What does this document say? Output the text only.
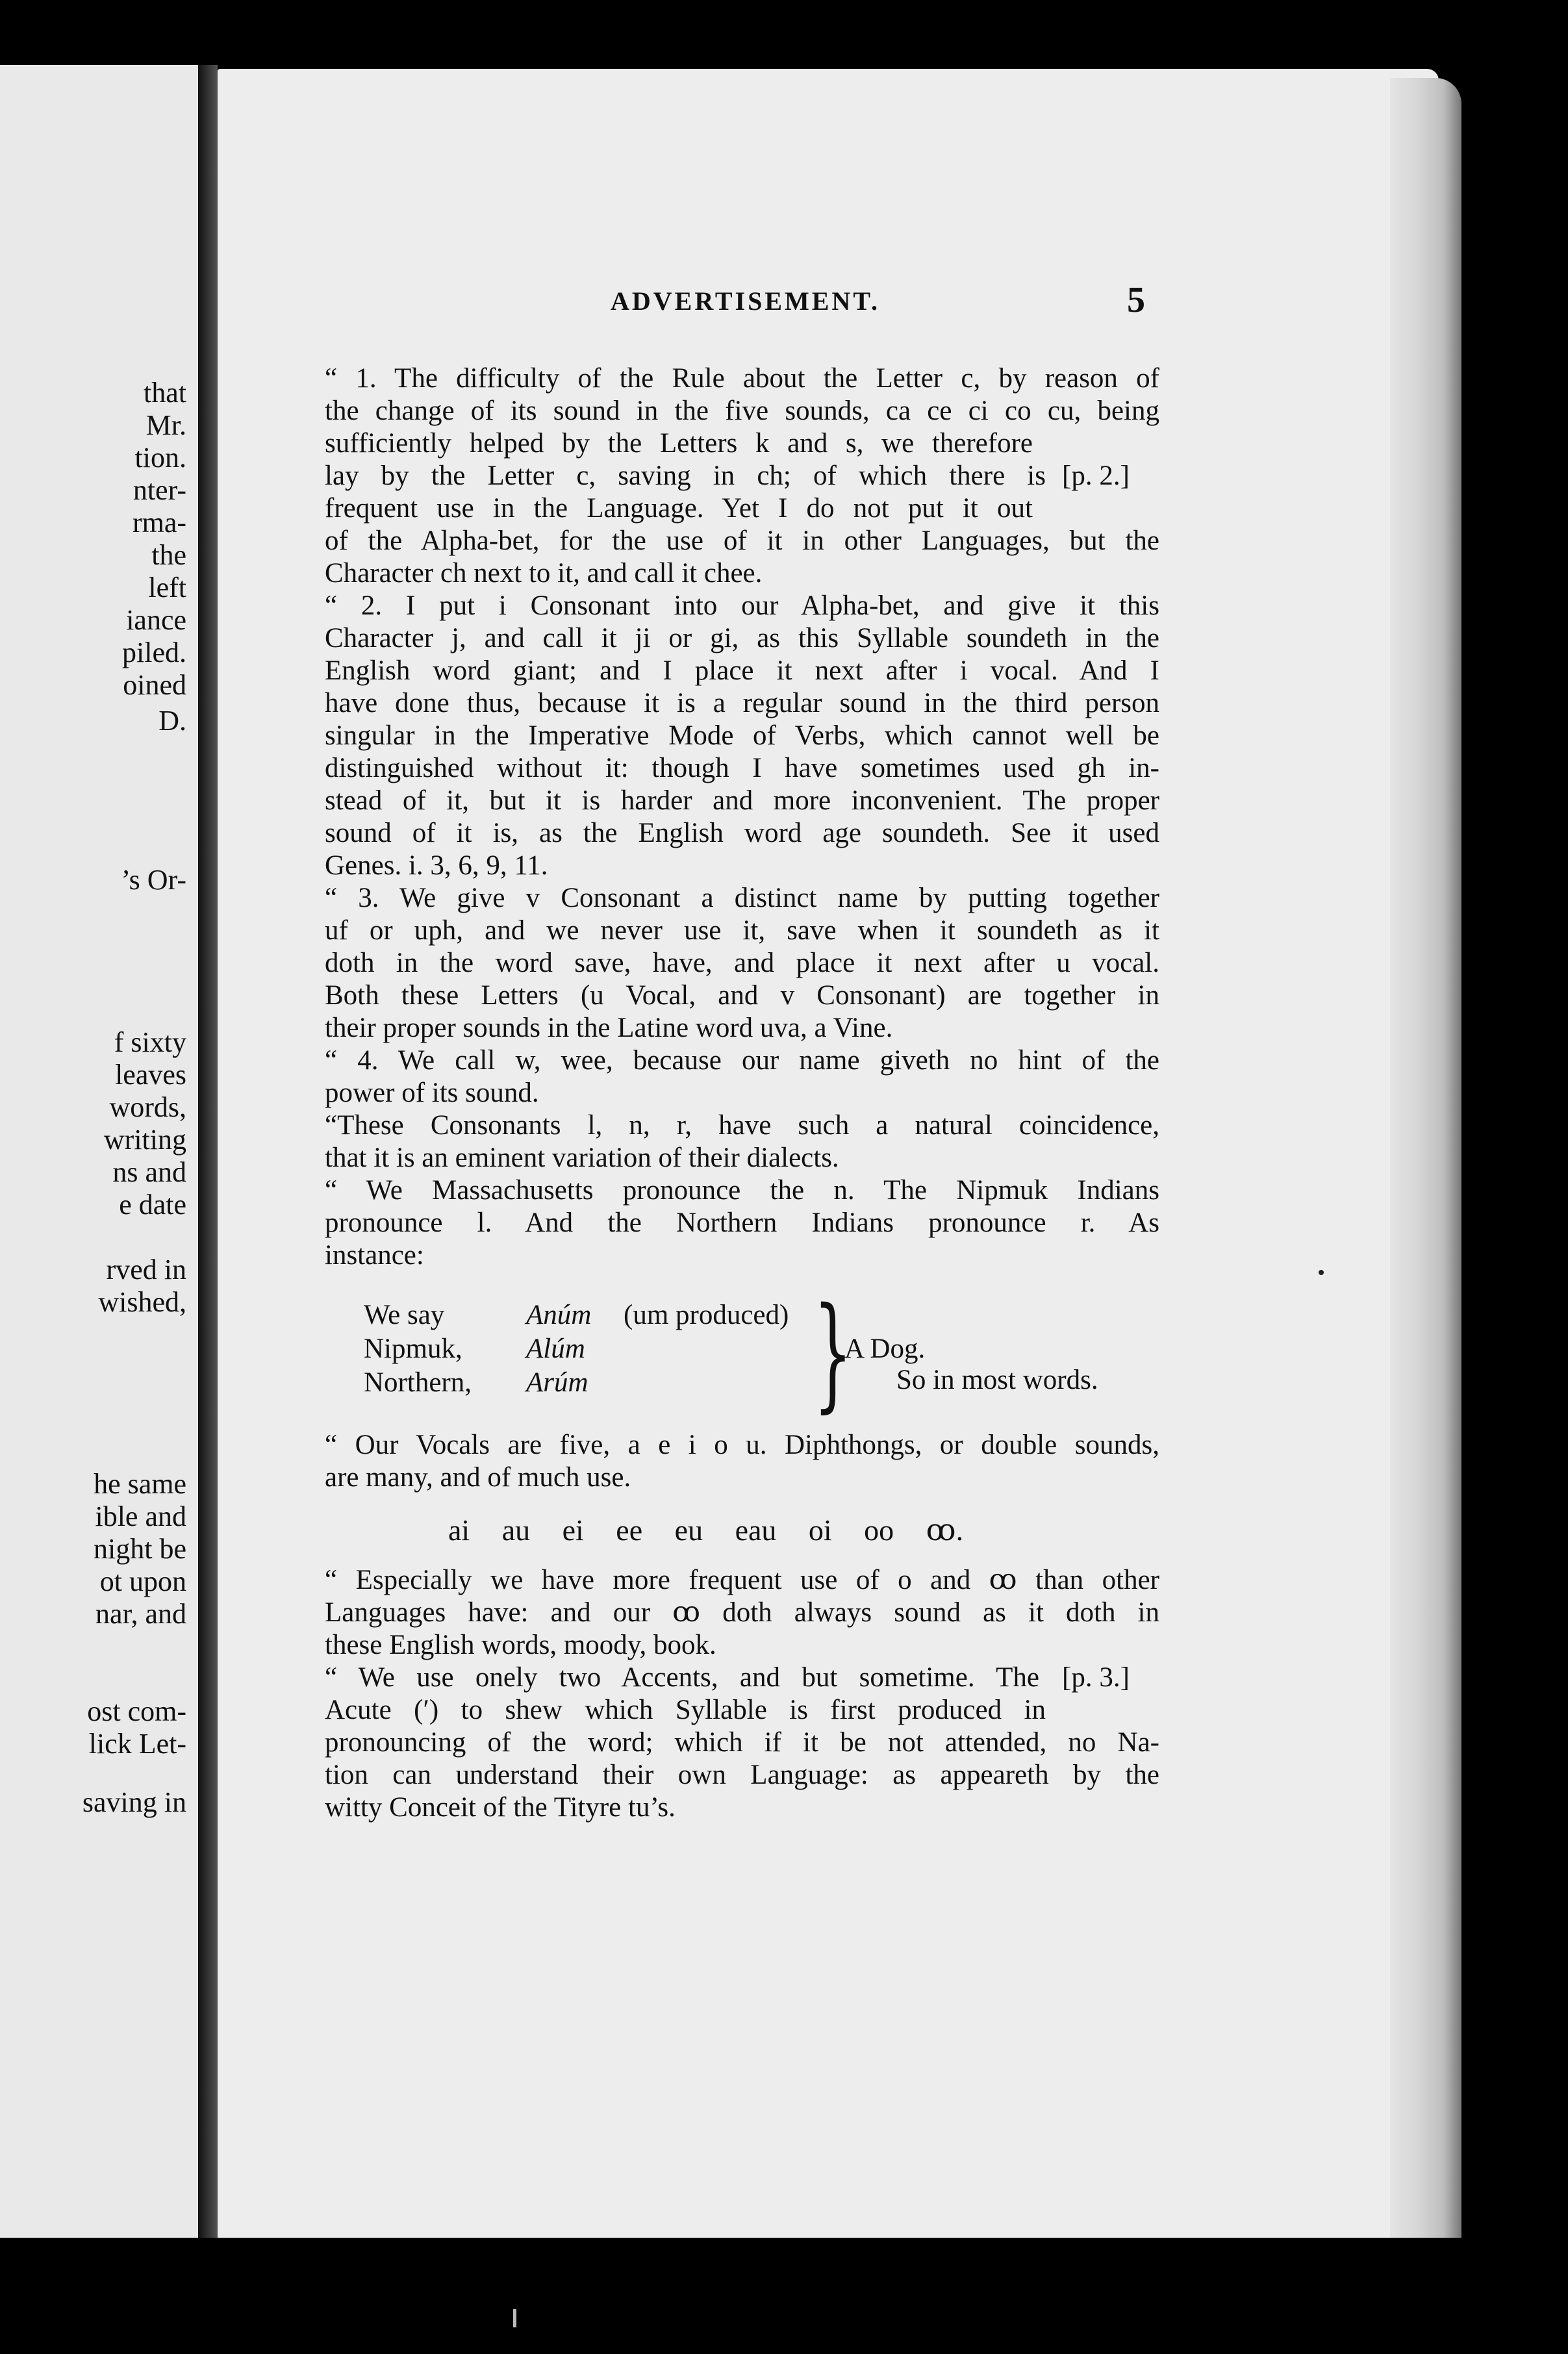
that
Mr.
tion.
nter-
rma-
the
left
iance
piled.
oined
D.
’s Or-
f sixty
leaves
words,
writing
ns and
e date
rved in
wished,
he same
ible and
night be
ot upon
nar, and
ost com-
lick Let-
saving in
ADVERTISEMENT.	5
“ 1. The difficulty of the Rule about the Letter c, by reason of
the change of its sound in the five sounds, ca ce ci co cu, being
sufficiently helped by the Letters k and s, we therefore
lay by the Letter c, saving in ch; of which there is
frequent use in the Language. Yet I do not put it out
of the Alpha-bet, for the use of it in other Languages, but the
Character ch next to it, and call it chee.
“ 2. I put i Consonant into our Alpha-bet, and give it this
Character j, and call it ji or gi, as this Syllable soundeth in the
English word giant; and I place it next after i vocal. And I
have done thus, because it is a regular sound in the third person
singular in the Imperative Mode of Verbs, which cannot well be
distinguished without it: though I have sometimes used gh in-
stead of it, but it is harder and more inconvenient. The proper
sound of it is, as the English word age soundeth. See it used
Genes. i. 3, 6, 9, 11.
“ 3. We give v Consonant a distinct name by putting together
uf or uph, and we never use it, save when it soundeth as it
doth in the word save, have, and place it next after u vocal.
Both these Letters (u Vocal, and v Consonant) are together in
their proper sounds in the Latine word uva, a Vine.
“ 4. We call w, wee, because our name giveth no hint of the
power of its sound.
“These Consonants l, n, r, have such a natural coincidence,
that it is an eminent variation of their dialects.
“ We Massachusetts pronounce the n. The Nipmuk Indians
pronounce l. And the Northern Indians pronounce r. As
instance:
[p. 2.]
[p. 3.]
We say	Anúm (um produced)
Nipmuk, Alúm
Northern, Arúm }
A Dog.
So in most words.
“ Our Vocals are five, a e i o u. Diphthongs, or double sounds,
are many, and of much use.
ai au ei ee eu eau oi oo ꝏ.
“ Especially we have more frequent use of o and ꝏ than other
Languages have: and our ꝏ doth always sound as it doth in
these English words, moody, book.
“ We use onely two Accents, and but sometime. The
Acute (′) to shew which Syllable is first produced in
pronouncing of the word; which if it be not attended, no Na-
tion can understand their own Language: as appeareth by the
witty Conceit of the Tityre tu’s.
